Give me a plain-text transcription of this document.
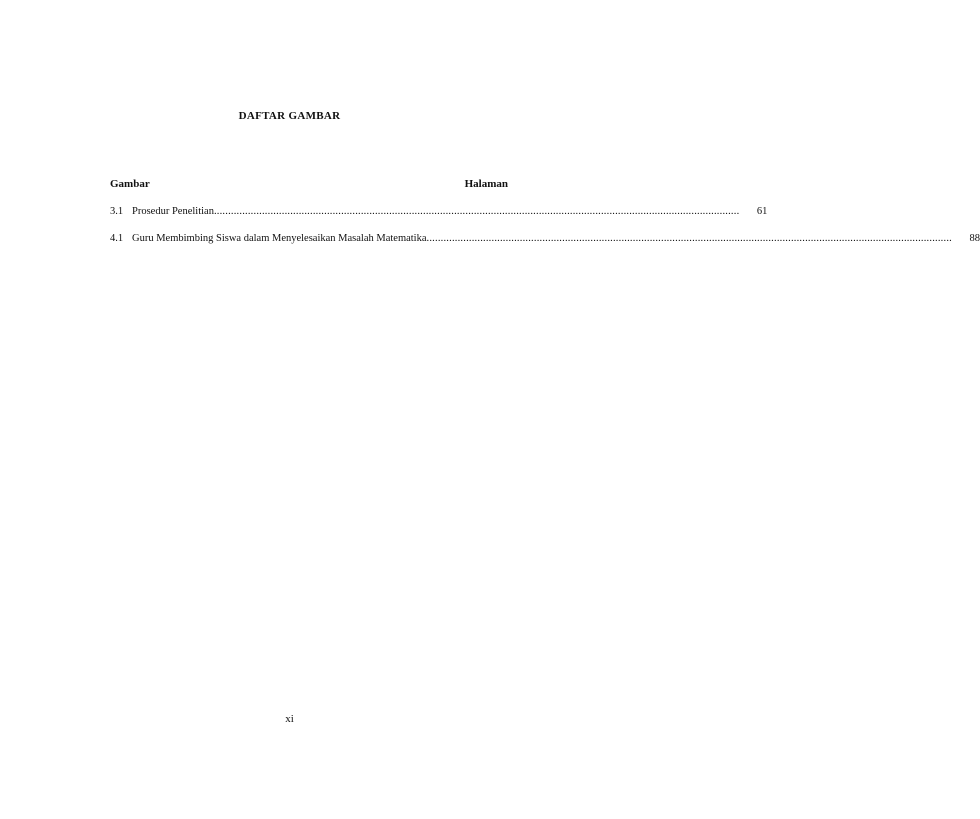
DAFTAR GAMBAR
Gambar	Halaman
3.1 Prosedur Penelitian .....	61
4.1 Guru Membimbing Siswa dalam Menyelesaikan Masalah Matematika .....	88
xi
